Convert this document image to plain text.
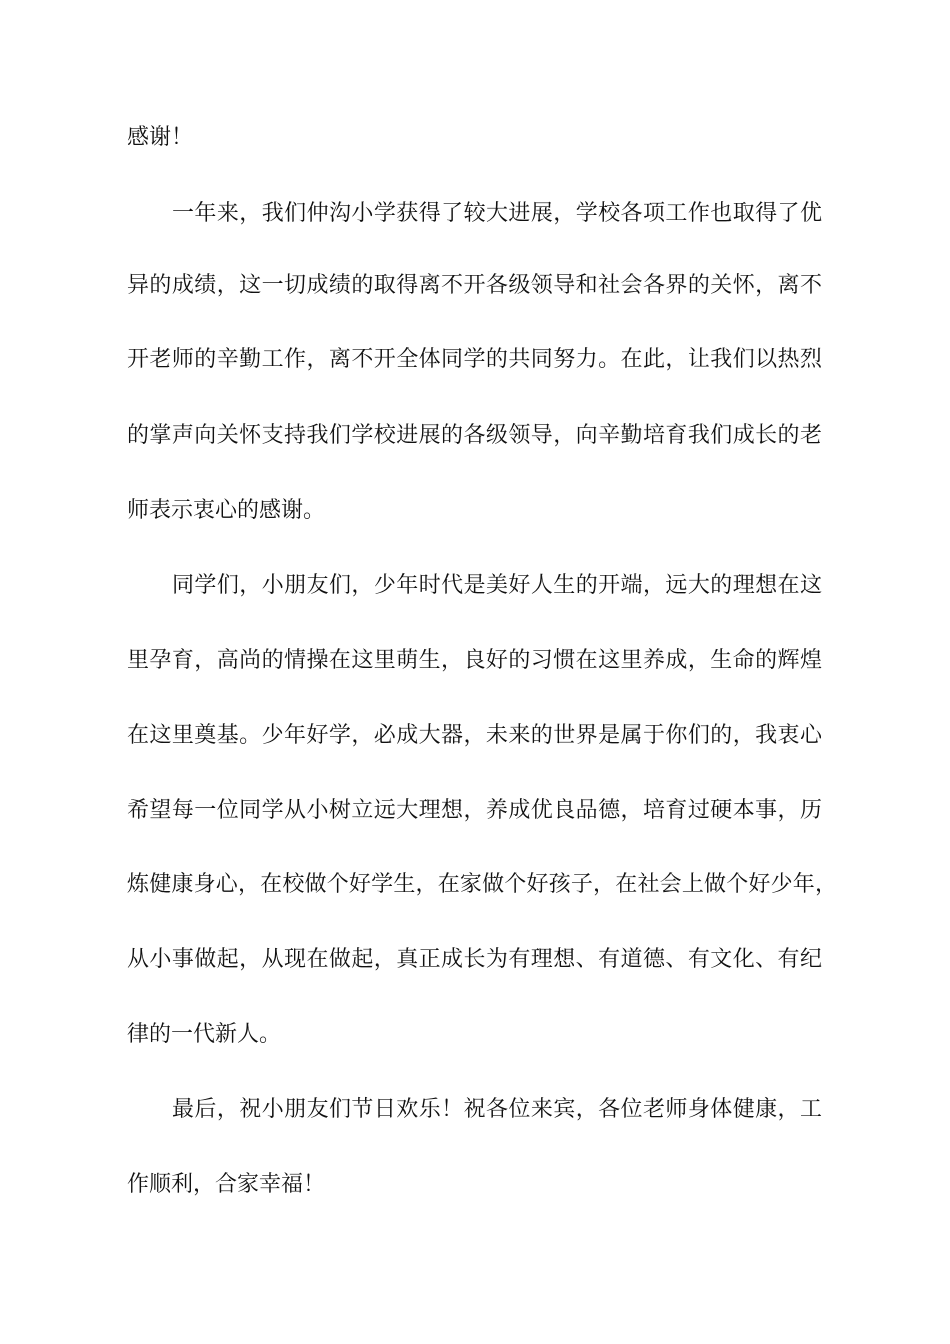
感谢！

一年来，我们仲沟小学获得了较大进展，学校各项工作也取得了优

异的成绩，这一切成绩的取得离不开各级领导和社会各界的关怀，离不

开老师的辛勤工作，离不开全体同学的共同努力。在此，让我们以热烈

的掌声向关怀支持我们学校进展的各级领导，向辛勤培育我们成长的老

师表示衷心的感谢。

同学们，小朋友们，少年时代是美好人生的开端，远大的理想在这

里孕育，高尚的情操在这里萌生，良好的习惯在这里养成，生命的辉煌

在这里奠基。少年好学，必成大器，未来的世界是属于你们的，我衷心

希望每一位同学从小树立远大理想，养成优良品德，培育过硬本事，历

炼健康身心，在校做个好学生，在家做个好孩子，在社会上做个好少年，

从小事做起，从现在做起，真正成长为有理想、有道德、有文化、有纪

律的一代新人。

最后，祝小朋友们节日欢乐！祝各位来宾，各位老师身体健康，工

作顺利，合家幸福！
